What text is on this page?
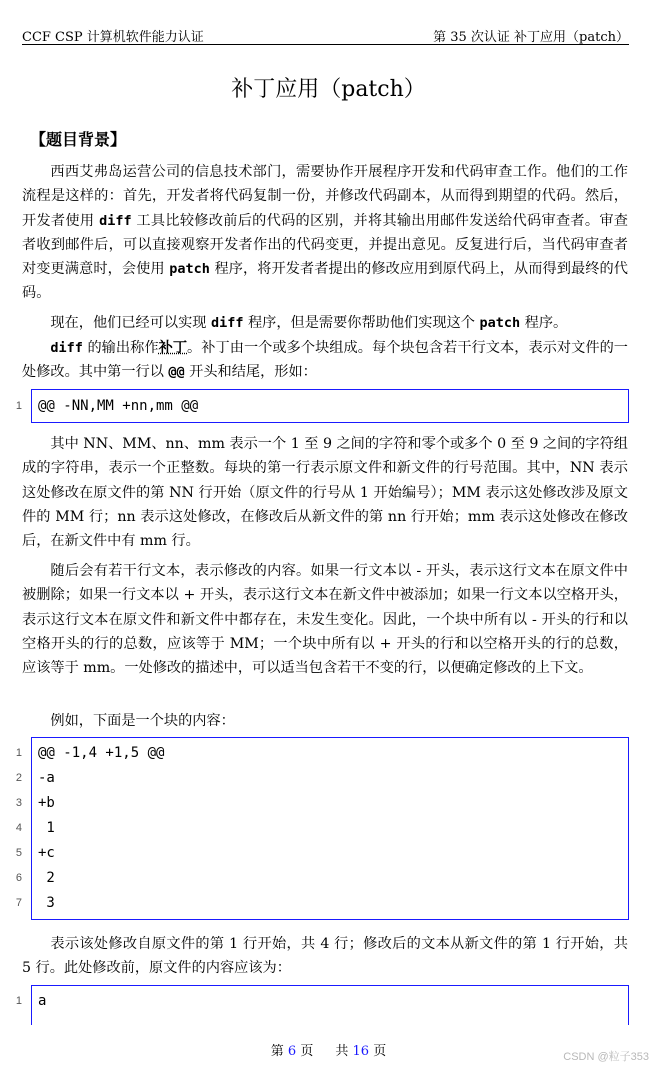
CCF CSP 计算机软件能力认证	第 35 次认证 补丁应用（patch）
补丁应用（patch）
【题目背景】

西西艾弗岛运营公司的信息技术部门，需要协作开展程序开发和代码审查工作。他们的工作流程是这样的：首先，开发者将代码复制一份，并修改代码副本，从而得到期望的代码。然后，开发者使用 diff 工具比较修改前后的代码的区别，并将其输出用邮件发送给代码审查者。审查者收到邮件后，可以直接观察开发者作出的代码变更，并提出意见。反复进行后，当代码审查者对变更满意时，会使用 patch 程序，将开发者者提出的修改应用到原代码上，从而得到最终的代码。

现在，他们已经可以实现 diff 程序，但是需要你帮助他们实现这个 patch 程序。

diff 的输出称作补丁。补丁由一个或多个块组成。每个块包含若干行文本，表示对文件的一处修改。其中第一行以 @@ 开头和结尾，形如：

1 @@ -NN,MM +nn,mm @@

其中 NN、MM、nn、mm 表示一个 1 至 9 之间的字符和零个或多个 0 至 9 之间的字符组成的字符串，表示一个正整数。每块的第一行表示原文件和新文件的行号范围。其中，NN 表示这处修改在原文件的第 NN 行开始（原文件的行号从 1 开始编号）；MM 表示这处修改涉及原文件的 MM 行；nn 表示这处修改，在修改后从新文件的第 nn 行开始；mm 表示这处修改在修改后，在新文件中有 mm 行。

随后会有若干行文本，表示修改的内容。如果一行文本以 - 开头，表示这行文本在原文件中被删除；如果一行文本以 + 开头，表示这行文本在新文件中被添加；如果一行文本以空格开头，表示这行文本在原文件和新文件中都存在，未发生变化。因此，一个块中所有以 - 开头的行和以空格开头的行的总数，应该等于 MM；一个块中所有以 + 开头的行和以空格开头的行的总数，应该等于 mm。一处修改的描述中，可以适当包含若干不变的行，以便确定修改的上下文。

例如，下面是一个块的内容：

1 @@ -1,4 +1,5 @@
2 -a
3 +b
4 1
5 +c
6 2
7 3

表示该处修改自原文件的第 1 行开始，共 4 行；修改后的文本从新文件的第 1 行开始，共 5 行。此处修改前，原文件的内容应该为：

1 a
第 6 页 共 16 页	CSDN @粒子353
